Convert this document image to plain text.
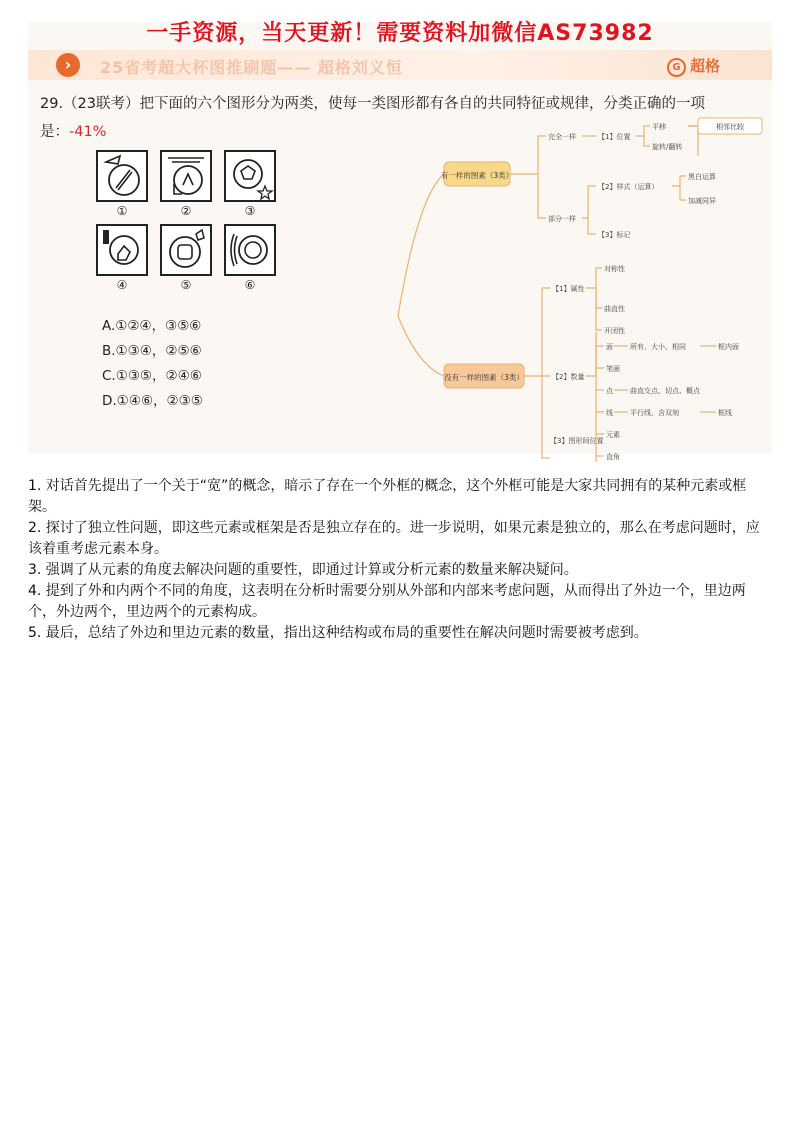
一手资源，当天更新！需要资料加微信AS73982
›	25省考超大杯图推刷题—— 超格刘义恒	G 超格
29.（23联考）把下面的六个图形分为两类，使每一类图形都有各自的共同特征或规律，分类正确的一项是：-41%
①	②	③
④	⑤	⑥
A.①②④，③⑤⑥
B.①③④，②⑤⑥
C.①③⑤，②④⑥
D.①④⑥，②③⑤
有一样的图素（3类）
没有一样的图素（3类）
完全一样
部分一样
【1】位置
平移
旋转/翻转
【2】样式（运算）
黑白运算
加减同异
【3】标记
【1】属性
对称性
曲直性
开闭性
【2】数量
面 所有、大小、相同	框内面
笔画
点 曲直交点、切点、概点
线 平行线、含双刻	框线
元素
直角
相邻比较
【3】图形间位置

1. 对话首先提出了一个关于“宽”的概念，暗示了存在一个外框的概念，这个外框可能是大家共同拥有的某种元素或框架。

2. 探讨了独立性问题，即这些元素或框架是否是独立存在的。进一步说明，如果元素是独立的，那么在考虑问题时，应该着重考虑元素本身。

3. 强调了从元素的角度去解决问题的重要性，即通过计算或分析元素的数量来解决疑问。

4. 提到了外和内两个不同的角度，这表明在分析时需要分别从外部和内部来考虑问题，从而得出了外边一个，里边两个，外边两个，里边两个的元素构成。

5. 最后，总结了外边和里边元素的数量，指出这种结构或布局的重要性在解决问题时需要被考虑到。
